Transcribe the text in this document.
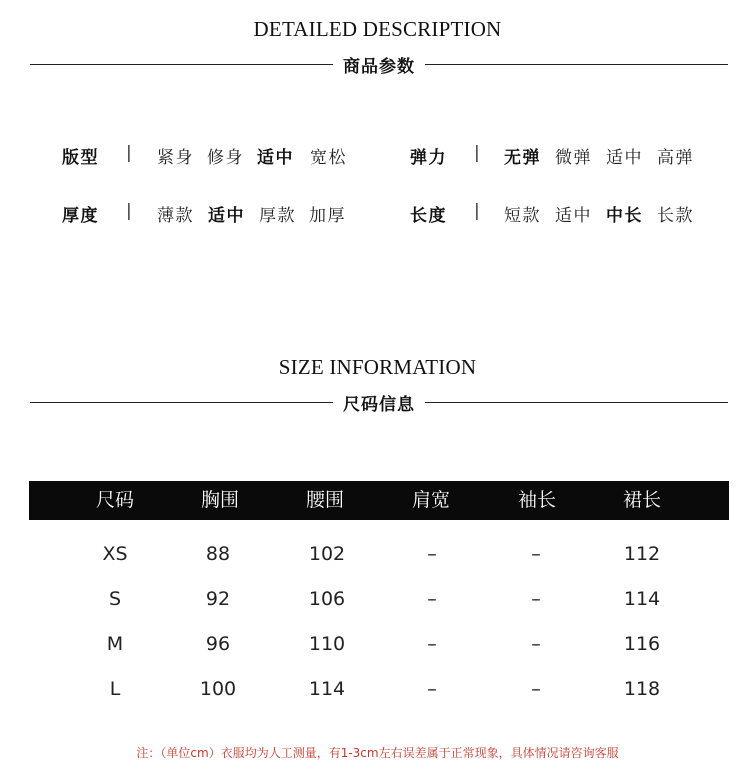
DETAILED DESCRIPTION
商品参数
版型 | 紧身 修身 适中 宽松	弹力 | 无弹 微弹 适中 高弹
厚度 | 薄款 适中 厚款 加厚	长度 | 短款 适中 中长 长款
SIZE INFORMATION
尺码信息
尺码	胸围	腰围	肩宽	袖长	裙长
XS	88	102	–	–	112
S	92	106	–	–	114
M	96	110	–	–	116
L	100	114	–	–	118
注：（单位cm）衣服均为人工测量，有1-3cm左右误差属于正常现象，具体情况请咨询客服
